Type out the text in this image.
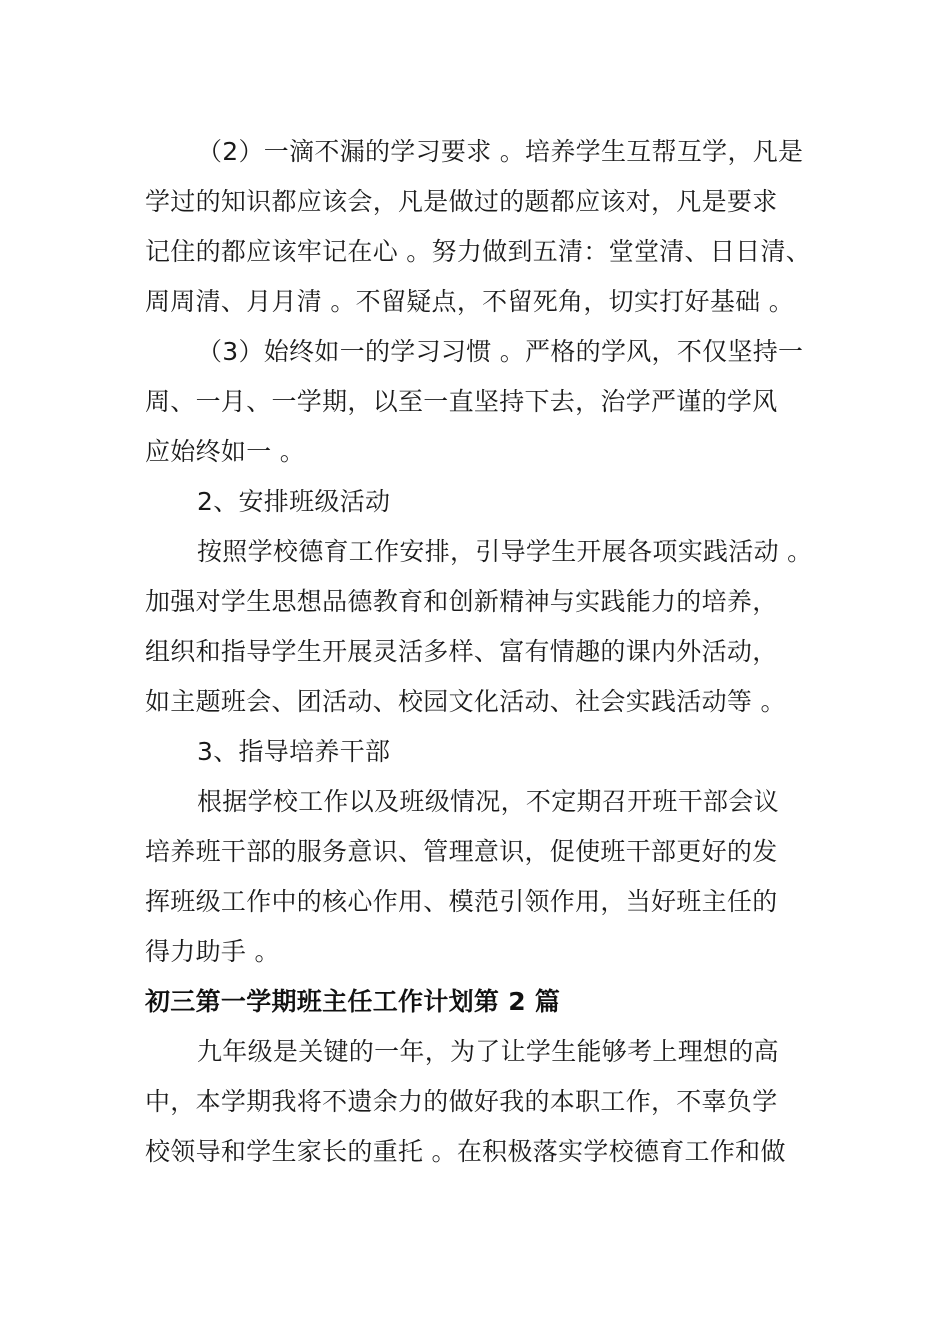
（2）一滴不漏的学习要求 。培养学生互帮互学，凡是
学过的知识都应该会，凡是做过的题都应该对，凡是要求
记住的都应该牢记在心 。努力做到五清：堂堂清、日日清、
周周清、月月清 。不留疑点，不留死角，切实打好基础 。
（3）始终如一的学习习惯 。严格的学风，不仅坚持一
周、一月、一学期，以至一直坚持下去，治学严谨的学风
应始终如一 。
2、安排班级活动
按照学校德育工作安排，引导学生开展各项实践活动 。
加强对学生思想品德教育和创新精神与实践能力的培养，
组织和指导学生开展灵活多样、富有情趣的课内外活动，
如主题班会、团活动、校园文化活动、社会实践活动等 。
3、指导培养干部
根据学校工作以及班级情况，不定期召开班干部会议
培养班干部的服务意识、管理意识，促使班干部更好的发
挥班级工作中的核心作用、模范引领作用，当好班主任的
得力助手 。
初三第一学期班主任工作计划第 2 篇
九年级是关键的一年，为了让学生能够考上理想的高
中，本学期我将不遗余力的做好我的本职工作，不辜负学
校领导和学生家长的重托 。在积极落实学校德育工作和做
